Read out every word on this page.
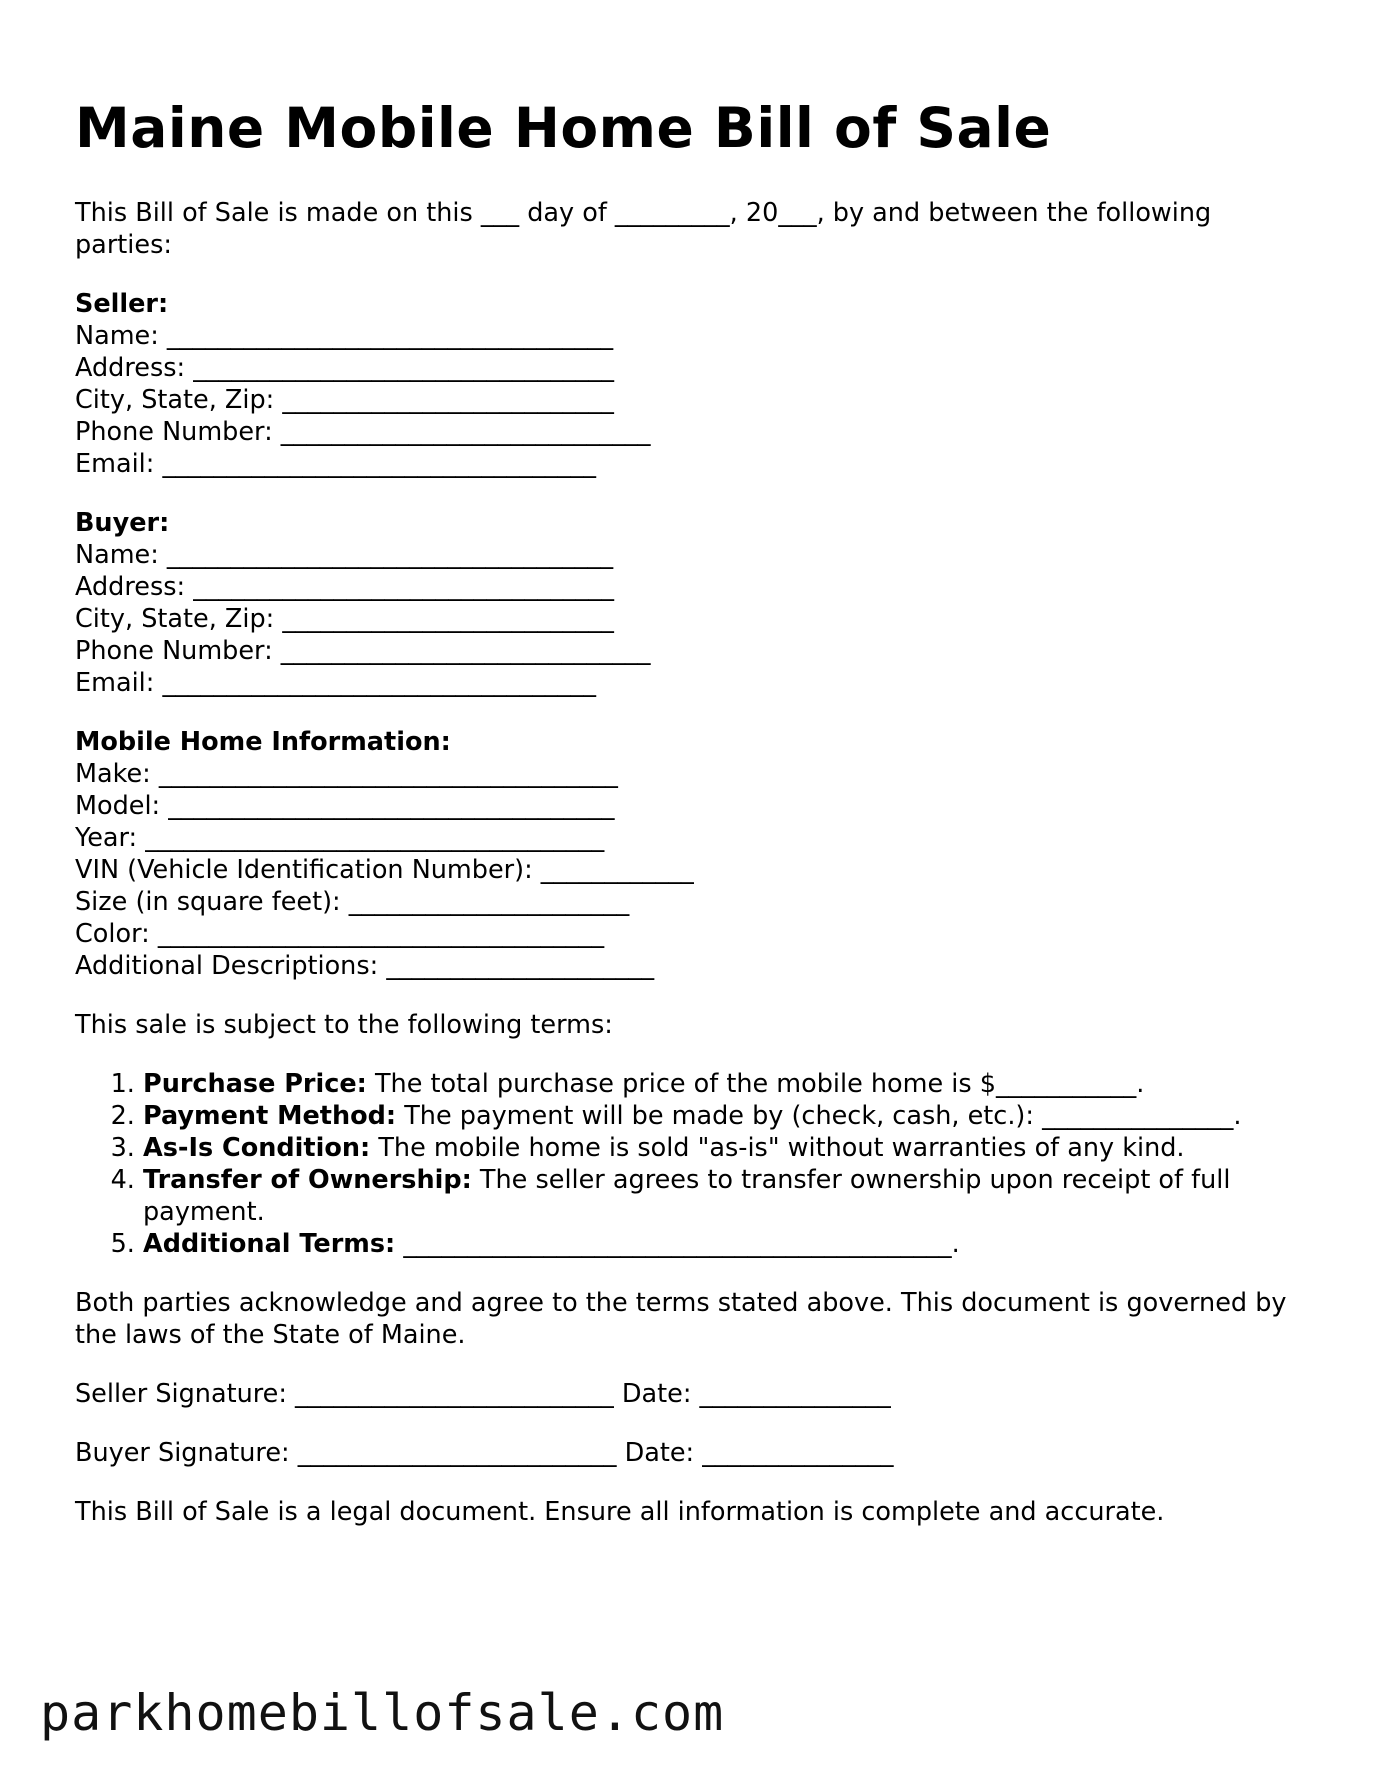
Maine Mobile Home Bill of Sale

This Bill of Sale is made on this ___ day of _________, 20___, by and between the following parties:

Seller:
Name: ___________________________________
Address: _________________________________
City, State, Zip: __________________________
Phone Number: _____________________________
Email: __________________________________
Buyer:
Name: ___________________________________
Address: _________________________________
City, State, Zip: __________________________
Phone Number: _____________________________
Email: __________________________________
Mobile Home Information:
Make: ____________________________________
Model: ___________________________________
Year: ____________________________________
VIN (Vehicle Identification Number): ____________
Size (in square feet): ______________________
Color: ___________________________________
Additional Descriptions: _____________________

This sale is subject to the following terms:

1. Purchase Price: The total purchase price of the mobile home is $___________.
2. Payment Method: The payment will be made by (check, cash, etc.): _______________.
3. As-Is Condition: The mobile home is sold "as-is" without warranties of any kind.
4. Transfer of Ownership: The seller agrees to transfer ownership upon receipt of full payment.
5. Additional Terms: ___________________________________________.

Both parties acknowledge and agree to the terms stated above. This document is governed by the laws of the State of Maine.

Seller Signature: _________________________ Date: _______________
Buyer Signature: _________________________ Date: _______________

This Bill of Sale is a legal document. Ensure all information is complete and accurate.

parkhomebillofsale.com
